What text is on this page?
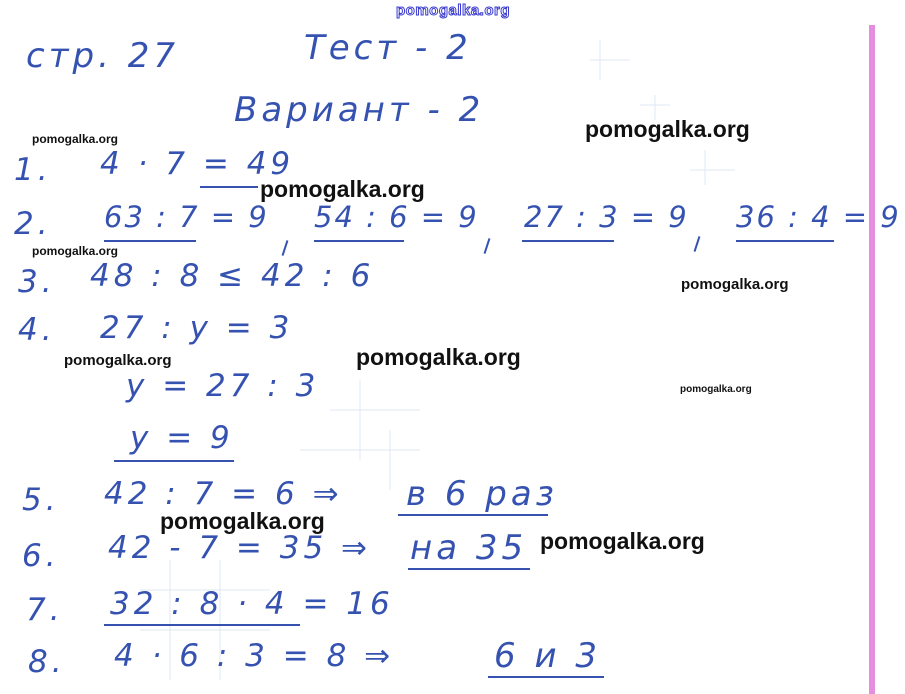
pomogalka.org
pomogalka.org	pomogalka.org
pomogalka.org
pomogalka.org
pomogalka.org
pomogalka.org	pomogalka.org
pomogalka.org
pomogalka.org
pomogalka.org
стр. 27	Тест - 2
Вариант - 2
1. 4 · 7 = 49
2. 63 : 7 = 9 54 : 6 = 9 27 : 3 = 9 36 : 4 = 9
3. 48 : 8 ≤ 42 : 6
4. 27 : у = 3
у = 27 : 3
у = 9
5. 42 : 7 = 6 ⇒ в 6 раз
6. 42 - 7 = 35 ⇒ на 35
7. 32 : 8 · 4 = 16
8. 4 · 6 : 3 = 8 ⇒	6 и 3
